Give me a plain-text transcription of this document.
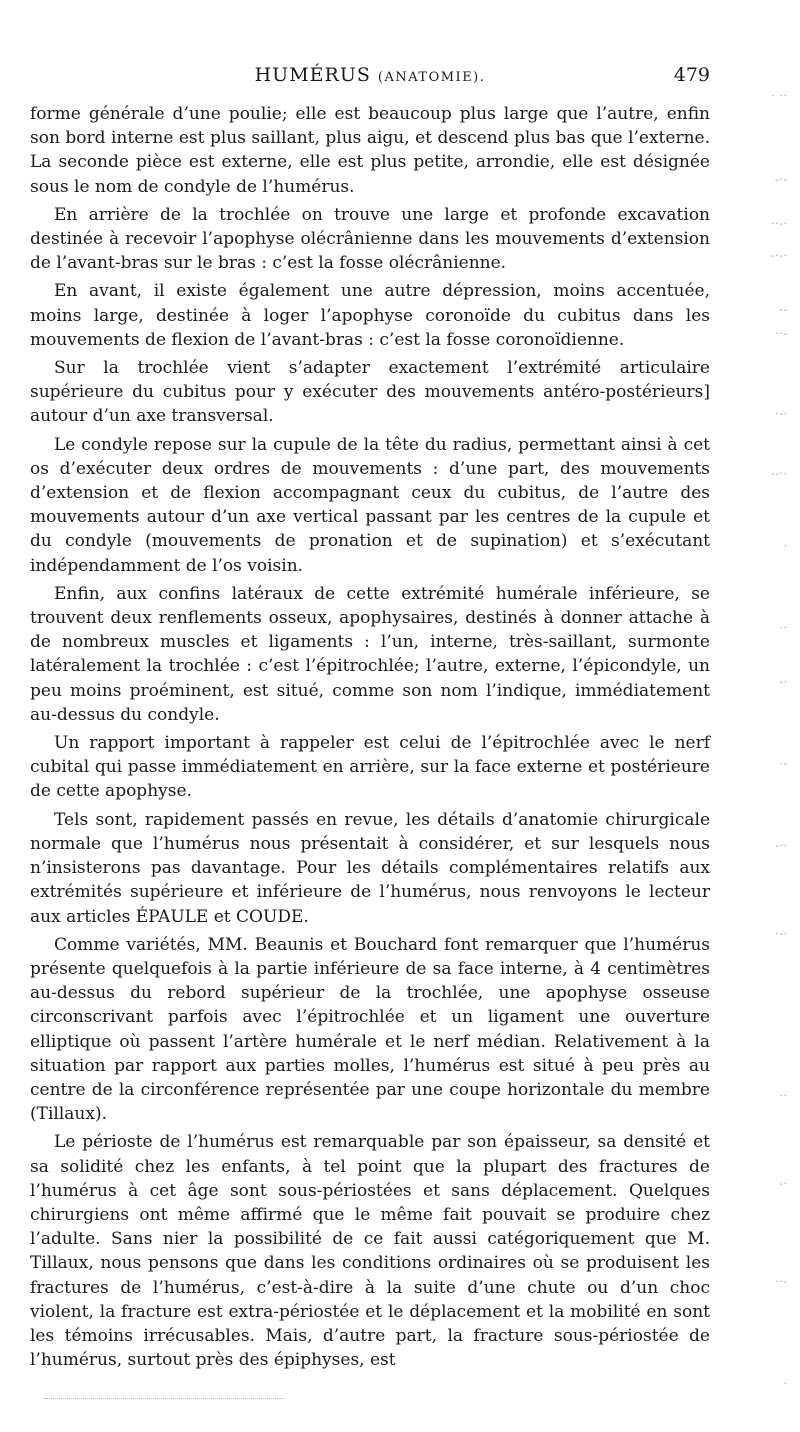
HUMÉRUS (ANATOMIE).	479

forme générale d’une poulie; elle est beaucoup plus large que l’autre, enfin son bord interne est plus saillant, plus aigu, et descend plus bas que l’externe. La seconde pièce est externe, elle est plus petite, arrondie, elle est désignée sous le nom de condyle de l’humérus.

En arrière de la trochlée on trouve une large et profonde excavation destinée à recevoir l’apophyse olécrânienne dans les mouvements d’extension de l’avant-bras sur le bras : c’est la fosse olécrânienne.

En avant, il existe également une autre dépression, moins accentuée, moins large, destinée à loger l’apophyse coronoïde du cubitus dans les mouvements de flexion de l’avant-bras : c’est la fosse coronoïdienne.

Sur la trochlée vient s’adapter exactement l’extrémité articulaire supérieure du cubitus pour y exécuter des mouvements antéro-postérieurs] autour d’un axe transversal.

Le condyle repose sur la cupule de la tête du radius, permettant ainsi à cet os d’exécuter deux ordres de mouvements : d’une part, des mouvements d’extension et de flexion accompagnant ceux du cubitus, de l’autre des mouvements autour d’un axe vertical passant par les centres de la cupule et du condyle (mouvements de pronation et de supination) et s’exécutant indépendamment de l’os voisin.

Enfin, aux confins latéraux de cette extrémité humérale inférieure, se trouvent deux renflements osseux, apophysaires, destinés à donner attache à de nombreux muscles et ligaments : l’un, interne, très-saillant, surmonte latéralement la trochlée : c’est l’épitrochlée; l’autre, externe, l’épicondyle, un peu moins proéminent, est situé, comme son nom l’indique, immédiatement au-dessus du condyle.

Un rapport important à rappeler est celui de l’épitrochlée avec le nerf cubital qui passe immédiatement en arrière, sur la face externe et postérieure de cette apophyse.

Tels sont, rapidement passés en revue, les détails d’anatomie chirurgicale normale que l’humérus nous présentait à considérer, et sur lesquels nous n’insisterons pas davantage. Pour les détails complémentaires relatifs aux extrémités supérieure et inférieure de l’humérus, nous renvoyons le lecteur aux articles ÉPAULE et COUDE.

Comme variétés, MM. Beaunis et Bouchard font remarquer que l’humérus présente quelquefois à la partie inférieure de sa face interne, à 4 centimètres au-dessus du rebord supérieur de la trochlée, une apophyse osseuse circonscrivant parfois avec l’épitrochlée et un ligament une ouverture elliptique où passent l’artère humérale et le nerf médian. Relativement à la situation par rapport aux parties molles, l’humérus est situé à peu près au centre de la circonférence représentée par une coupe horizontale du membre (Tillaux).

Le périoste de l’humérus est remarquable par son épaisseur, sa densité et sa solidité chez les enfants, à tel point que la plupart des fractures de l’humérus à cet âge sont sous-périostées et sans déplacement. Quelques chirurgiens ont même affirmé que le même fait pouvait se produire chez l’adulte. Sans nier la possibilité de ce fait aussi catégoriquement que M. Tillaux, nous pensons que dans les conditions ordinaires où se produisent les fractures de l’humérus, c’est-à-dire à la suite d’une chute ou d’un choc violent, la fracture est extra-périostée et le déplacement et la mobilité en sont les témoins irrécusables. Mais, d’autre part, la fracture sous-périostée de l’humérus, surtout près des épiphyses, est

· ··
-·-
··-·
-·-·
--
··-
·-·
--··
·
··
-·
·-
-··
·-·
··
-·
··-
·
